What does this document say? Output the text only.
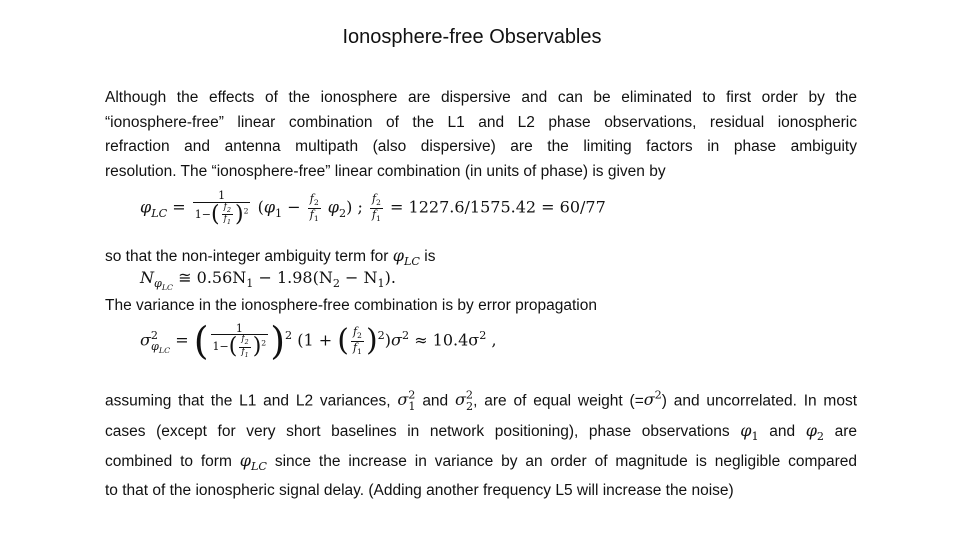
Ionosphere-free Observables
Although the effects of the ionosphere are dispersive and can be eliminated to first order by the
“ionosphere-free” linear combination of the L1 and L2 phase observations, residual ionospheric
refraction and antenna multipath (also dispersive) are the limiting factors in phase ambiguity
resolution. The “ionosphere-free” linear combination (in units of phase) is given by
$\varphi_{LC} = \frac{1}{1-( \frac{f_2}{f_1} )^2} (\varphi_1 - \frac{f_2}{f_1} \varphi_2)$ ; $\frac{f_2}{f_1} = 1227.6/1575.42 = 60/77$
so that the non-integer ambiguity term for $\varphi_{LC}$ is
$N_{\varphi_{LC}}$ ≅ $0.56N_1 - 1.98(N_2 - N_1)$.
The variance in the ionosphere-free combination is by error propagation
$\sigma^2_{\varphi_{LC}}$ = ( $\frac{1}{1-( \frac{f_2}{f_1} )^2} )^2$ (1 + ( $\frac{f_2}{f_1} )^2)\sigma^2 \approx 10.4\sigma^2$ ,
assuming that the L1 and L2 variances, $\sigma^2_1$ and $\sigma^2_2$, are of equal weight $(=\sigma^2)$ and uncorrelated. In most
cases (except for very short baselines in network positioning), phase observations $\varphi_1$ and $\varphi_2$ are
combined to form $\varphi_{LC}$ since the increase in variance by an order of magnitude is negligible compared
to that of the ionospheric signal delay. (Adding another frequency L5 will increase the noise)
